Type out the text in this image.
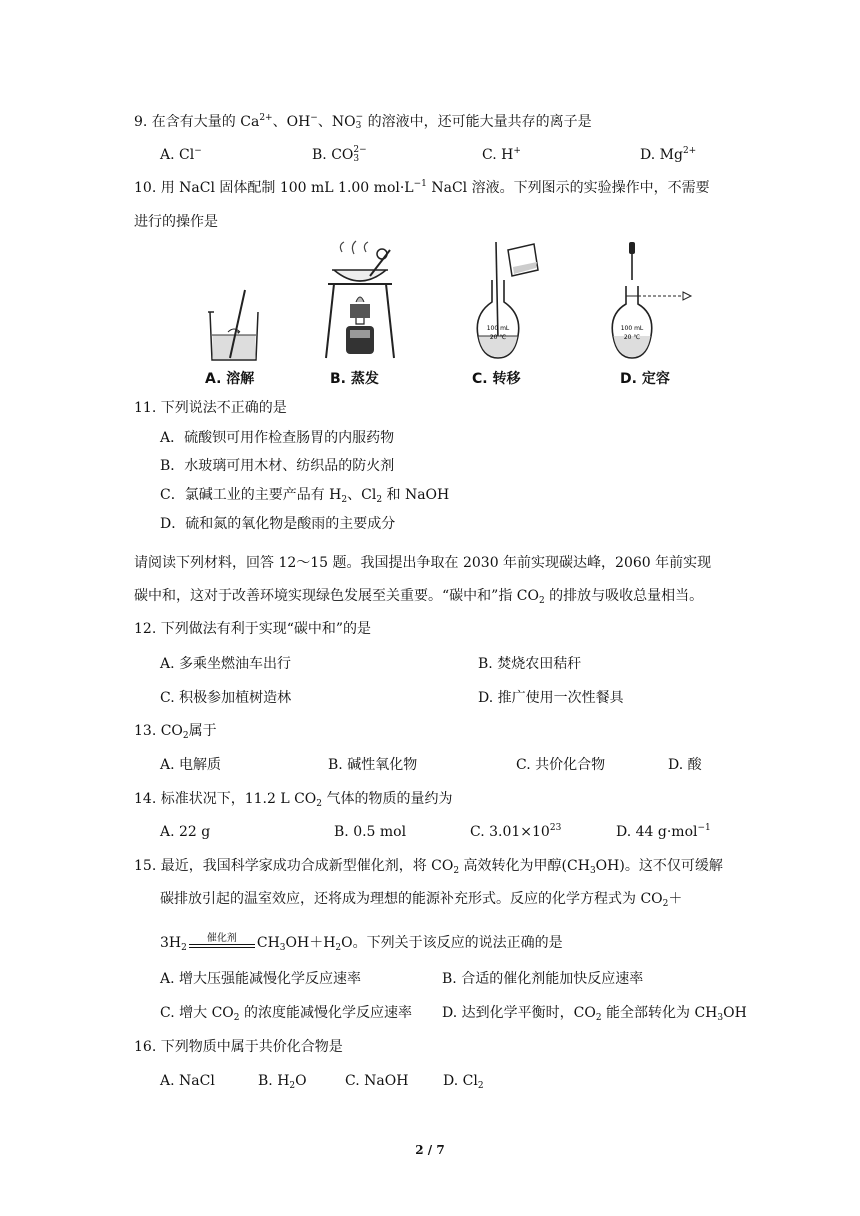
9. 在含有大量的 $Ca^{2+}$、OH−、NO −
3 的溶液中，还可能大量共存的离子是
A. Cl−	B. CO 2−
3	C. H+	D. $Mg^{2+}$
10. 用 NaCl 固体配制 100 mL 1.00 $mol\cdot L^{-1}$ NaCl 溶液。下列图示的实验操作中，不需要
进行的操作是
A. 溶解	B. 蒸发
100 mL
20 ℃
C. 转移
100 mL
20 ℃
D. 定容
11. 下列说法不正确的是
A．硫酸钡可用作检查肠胃的内服药物
B．水玻璃可用木材、纺织品的防火剂
C．氯碱工业的主要产品有 $H_2$、$Cl_2$ 和 NaOH
D．硫和氮的氧化物是酸雨的主要成分
请阅读下列材料，回答 12～15 题。我国提出争取在 2030 年前实现碳达峰，2060 年前实现
碳中和，这对于改善环境实现绿色发展至关重要。“碳中和”指 $CO_2$ 的排放与吸收总量相当。
12. 下列做法有利于实现“碳中和”的是
A. 多乘坐燃油车出行	B. 焚烧农田秸秆
C. 积极参加植树造林	D. 推广使用一次性餐具
13. $CO_2$属于
A. 电解质	B. 碱性氧化物	C. 共价化合物	D. 酸
14. 标准状况下，11.2 L $CO_2$ 气体的物质的量约为
A. 22 g	B. 0.5 mol	C. $3.01\times 10^{23}$	D. 44 g·mol$^{-1}$
15. 最近，我国科学家成功合成新型催化剂，将 $CO_2$ 高效转化为甲醇$(CH_3OH)$。这不仅可缓解
碳排放引起的温室效应，还将成为理想的能源补充形式。反应的化学方程式为 $CO_2+$
$3H_2$
催化剂	$CH_3OH+H_2O$。下列关于该反应的说法正确的是
A. 增大压强能减慢化学反应速率	B. 合适的催化剂能加快反应速率
C. 增大 $CO_2$ 的浓度能减慢化学反应速率 D. 达到化学平衡时，$CO_2$ 能全部转化为 $CH_3OH$
16. 下列物质中属于共价化合物是
A. NaCl	B. $H_2O$	C. NaOH D. $Cl_2$
2 / 7
